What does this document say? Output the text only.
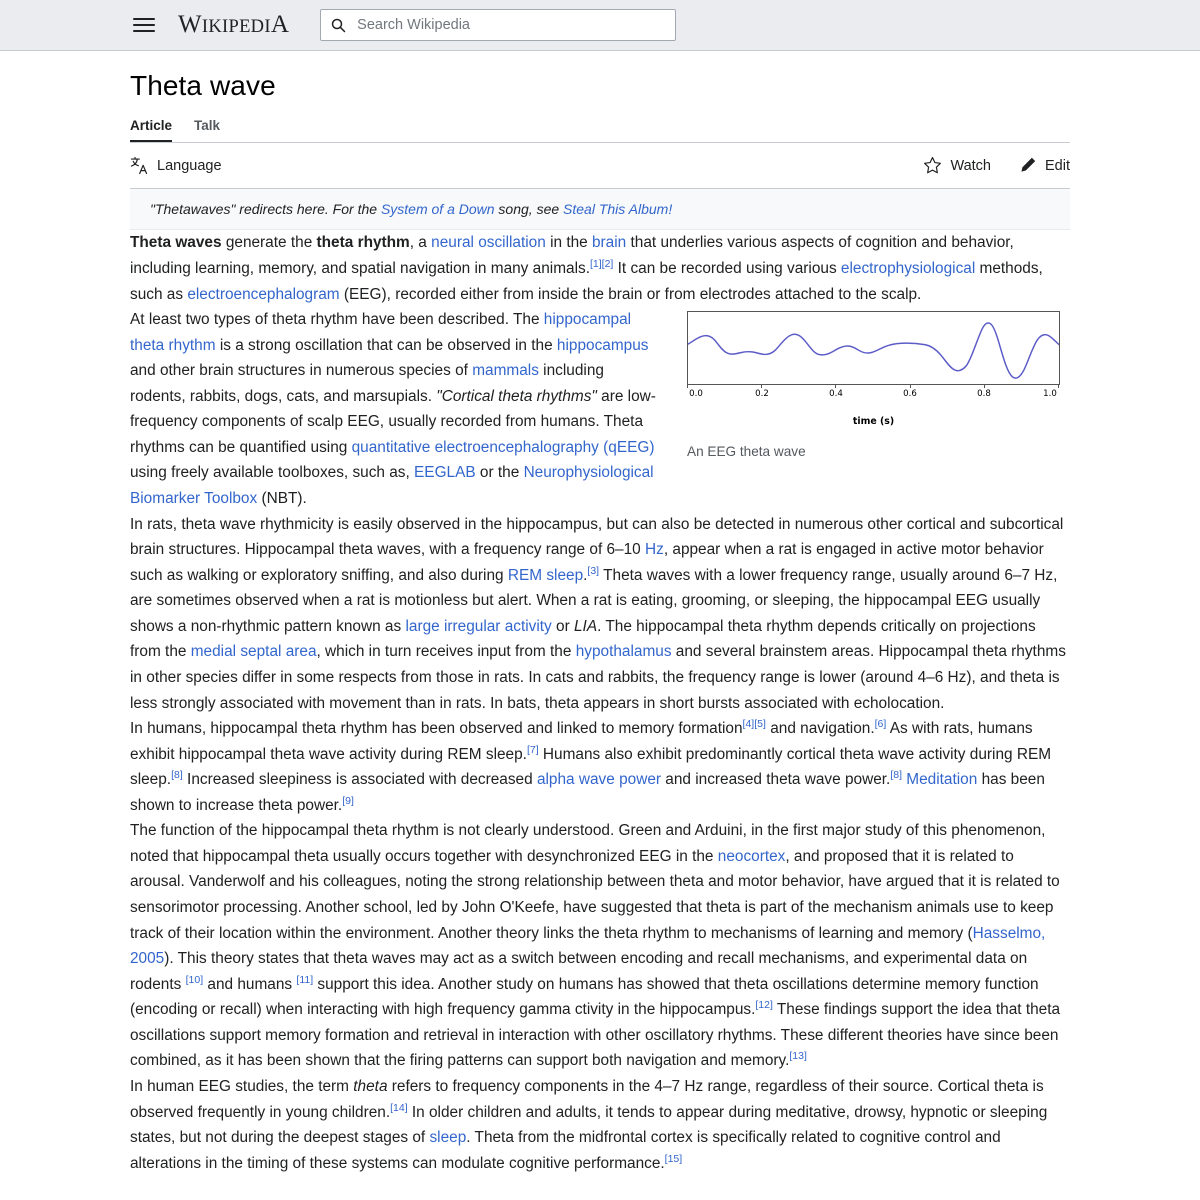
WIKIPEDIA	Search Wikipedia
Theta wave
Article Talk
Language	Watch	Edit
"Thetawaves" redirects here. For the System of a Down song, see Steal This Album!

Theta waves generate the theta rhythm, a neural oscillation in the brain that underlies various aspects of cognition and behavior, including learning, memory, and spatial navigation in many animals.[1][2] It can be recorded using various electrophysiological methods, such as electroencephalogram (EEG), recorded either from inside the brain or from electrodes attached to the scalp.

0.0	0.2	0.4	0.6	0.8	1.0
time (s)
An EEG theta wave

At least two types of theta rhythm have been described. The hippocampal theta rhythm is a strong oscillation that can be observed in the hippocampus and other brain structures in numerous species of mammals including rodents, rabbits, dogs, cats, and marsupials. "Cortical theta rhythms" are low-frequency components of scalp EEG, usually recorded from humans. Theta rhythms can be quantified using quantitative electroencephalography (qEEG) using freely available toolboxes, such as, EEGLAB or the Neurophysiological Biomarker Toolbox (NBT).

In rats, theta wave rhythmicity is easily observed in the hippocampus, but can also be detected in numerous other cortical and subcortical brain structures. Hippocampal theta waves, with a frequency range of 6–10 Hz, appear when a rat is engaged in active motor behavior such as walking or exploratory sniffing, and also during REM sleep.[3] Theta waves with a lower frequency range, usually around 6–7 Hz, are sometimes observed when a rat is motionless but alert. When a rat is eating, grooming, or sleeping, the hippocampal EEG usually shows a non-rhythmic pattern known as large irregular activity or LIA. The hippocampal theta rhythm depends critically on projections from the medial septal area, which in turn receives input from the hypothalamus and several brainstem areas. Hippocampal theta rhythms in other species differ in some respects from those in rats. In cats and rabbits, the frequency range is lower (around 4–6 Hz), and theta is less strongly associated with movement than in rats. In bats, theta appears in short bursts associated with echolocation.

In humans, hippocampal theta rhythm has been observed and linked to memory formation[4][5] and navigation.[6] As with rats, humans exhibit hippocampal theta wave activity during REM sleep.[7] Humans also exhibit predominantly cortical theta wave activity during REM sleep.[8] Increased sleepiness is associated with decreased alpha wave power and increased theta wave power.[8] Meditation has been shown to increase theta power.[9]

The function of the hippocampal theta rhythm is not clearly understood. Green and Arduini, in the first major study of this phenomenon, noted that hippocampal theta usually occurs together with desynchronized EEG in the neocortex, and proposed that it is related to arousal. Vanderwolf and his colleagues, noting the strong relationship between theta and motor behavior, have argued that it is related to sensorimotor processing. Another school, led by John O'Keefe, have suggested that theta is part of the mechanism animals use to keep track of their location within the environment. Another theory links the theta rhythm to mechanisms of learning and memory (Hasselmo, 2005). This theory states that theta waves may act as a switch between encoding and recall mechanisms, and experimental data on rodents [10] and humans [11] support this idea. Another study on humans has showed that theta oscillations determine memory function (encoding or recall) when interacting with high frequency gamma ctivity in the hippocampus.[12] These findings support the idea that theta oscillations support memory formation and retrieval in interaction with other oscillatory rhythms. These different theories have since been combined, as it has been shown that the firing patterns can support both navigation and memory.[13]

In human EEG studies, the term theta refers to frequency components in the 4–7 Hz range, regardless of their source. Cortical theta is observed frequently in young children.[14] In older children and adults, it tends to appear during meditative, drowsy, hypnotic or sleeping states, but not during the deepest stages of sleep. Theta from the midfrontal cortex is specifically related to cognitive control and alterations in the timing of these systems can modulate cognitive performance.[15]
